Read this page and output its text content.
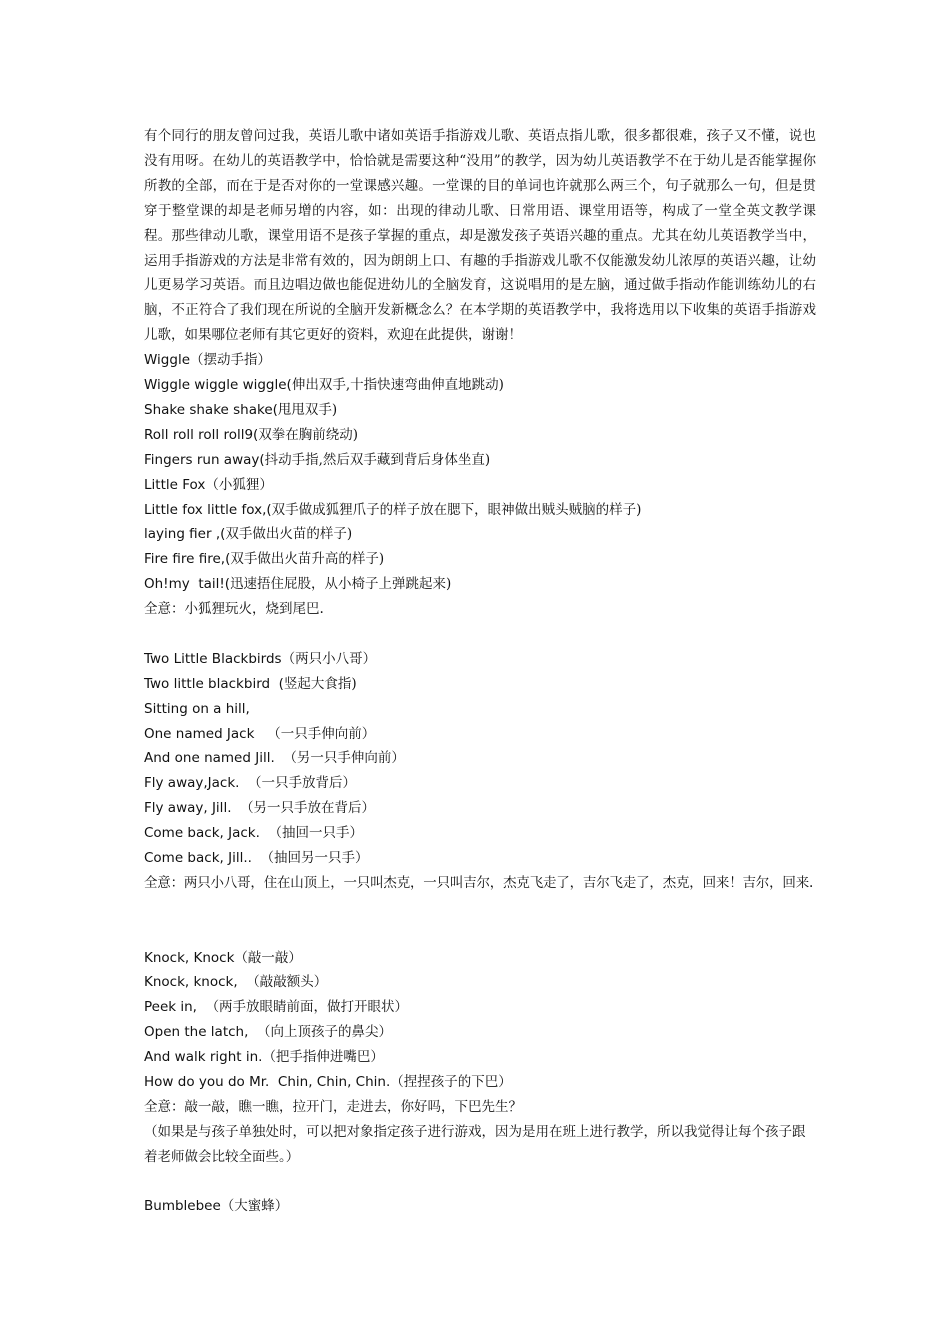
有个同行的朋友曾问过我，英语儿歌中诸如英语手指游戏儿歌、英语点指儿歌，很多都很难，孩子又不懂，说也没有用呀。在幼儿的英语教学中，恰恰就是需要这种“没用”的教学，因为幼儿英语教学不在于幼儿是否能掌握你所教的全部，而在于是否对你的一堂课感兴趣。一堂课的目的单词也许就那么两三个，句子就那么一句，但是贯穿于整堂课的却是老师另增的内容，如：出现的律动儿歌、日常用语、课堂用语等，构成了一堂全英文教学课程。那些律动儿歌，课堂用语不是孩子掌握的重点，却是激发孩子英语兴趣的重点。尤其在幼儿英语教学当中，运用手指游戏的方法是非常有效的，因为朗朗上口、有趣的手指游戏儿歌不仅能激发幼儿浓厚的英语兴趣，让幼儿更易学习英语。而且边唱边做也能促进幼儿的全脑发育，这说唱用的是左脑，通过做手指动作能训练幼儿的右脑，不正符合了我们现在所说的全脑开发新概念么？在本学期的英语教学中，我将选用以下收集的英语手指游戏儿歌，如果哪位老师有其它更好的资料，欢迎在此提供，谢谢！

Wiggle（摆动手指）
Wiggle wiggle wiggle(伸出双手,十指快速弯曲伸直地跳动)
Shake shake shake(甩甩双手)
Roll roll roll roll9(双拳在胸前绕动)
Fingers run away(抖动手指,然后双手藏到背后身体坐直)
Little Fox（小狐狸）
Little fox little fox,(双手做成狐狸爪子的样子放在腮下，眼神做出贼头贼脑的样子)
laying fier ,(双手做出火苗的样子)
Fire fire fire,(双手做出火苗升高的样子)
Oh!my  tail!(迅速捂住屁股，从小椅子上弹跳起来)
全意：小狐狸玩火，烧到尾巴.
Two Little Blackbirds（两只小八哥）
Two little blackbird  (竖起大食指)
Sitting on a hill,
One named Jack   （一只手伸向前）
And one named Jill.  （另一只手伸向前）
Fly away,Jack.  （一只手放背后）
Fly away, Jill.  （另一只手放在背后）
Come back, Jack.  （抽回一只手）
Come back, Jill..  （抽回另一只手）
全意：两只小八哥，住在山顶上，一只叫杰克，一只叫吉尔，杰克飞走了，吉尔飞走了，杰克，回来！吉尔，回来.
Knock, Knock（敲一敲）
Knock, knock,  （敲敲额头）
Peek in,  （两手放眼睛前面，做打开眼状）
Open the latch,  （向上顶孩子的鼻尖）
And walk right in.（把手指伸进嘴巴）
How do you do Mr.  Chin, Chin, Chin.（捏捏孩子的下巴）
全意：敲一敲，瞧一瞧，拉开门，走进去，你好吗，下巴先生？

（如果是与孩子单独处时，可以把对象指定孩子进行游戏，因为是用在班上进行教学，所以我觉得让每个孩子跟着老师做会比较全面些。）

Bumblebee（大蜜蜂）
